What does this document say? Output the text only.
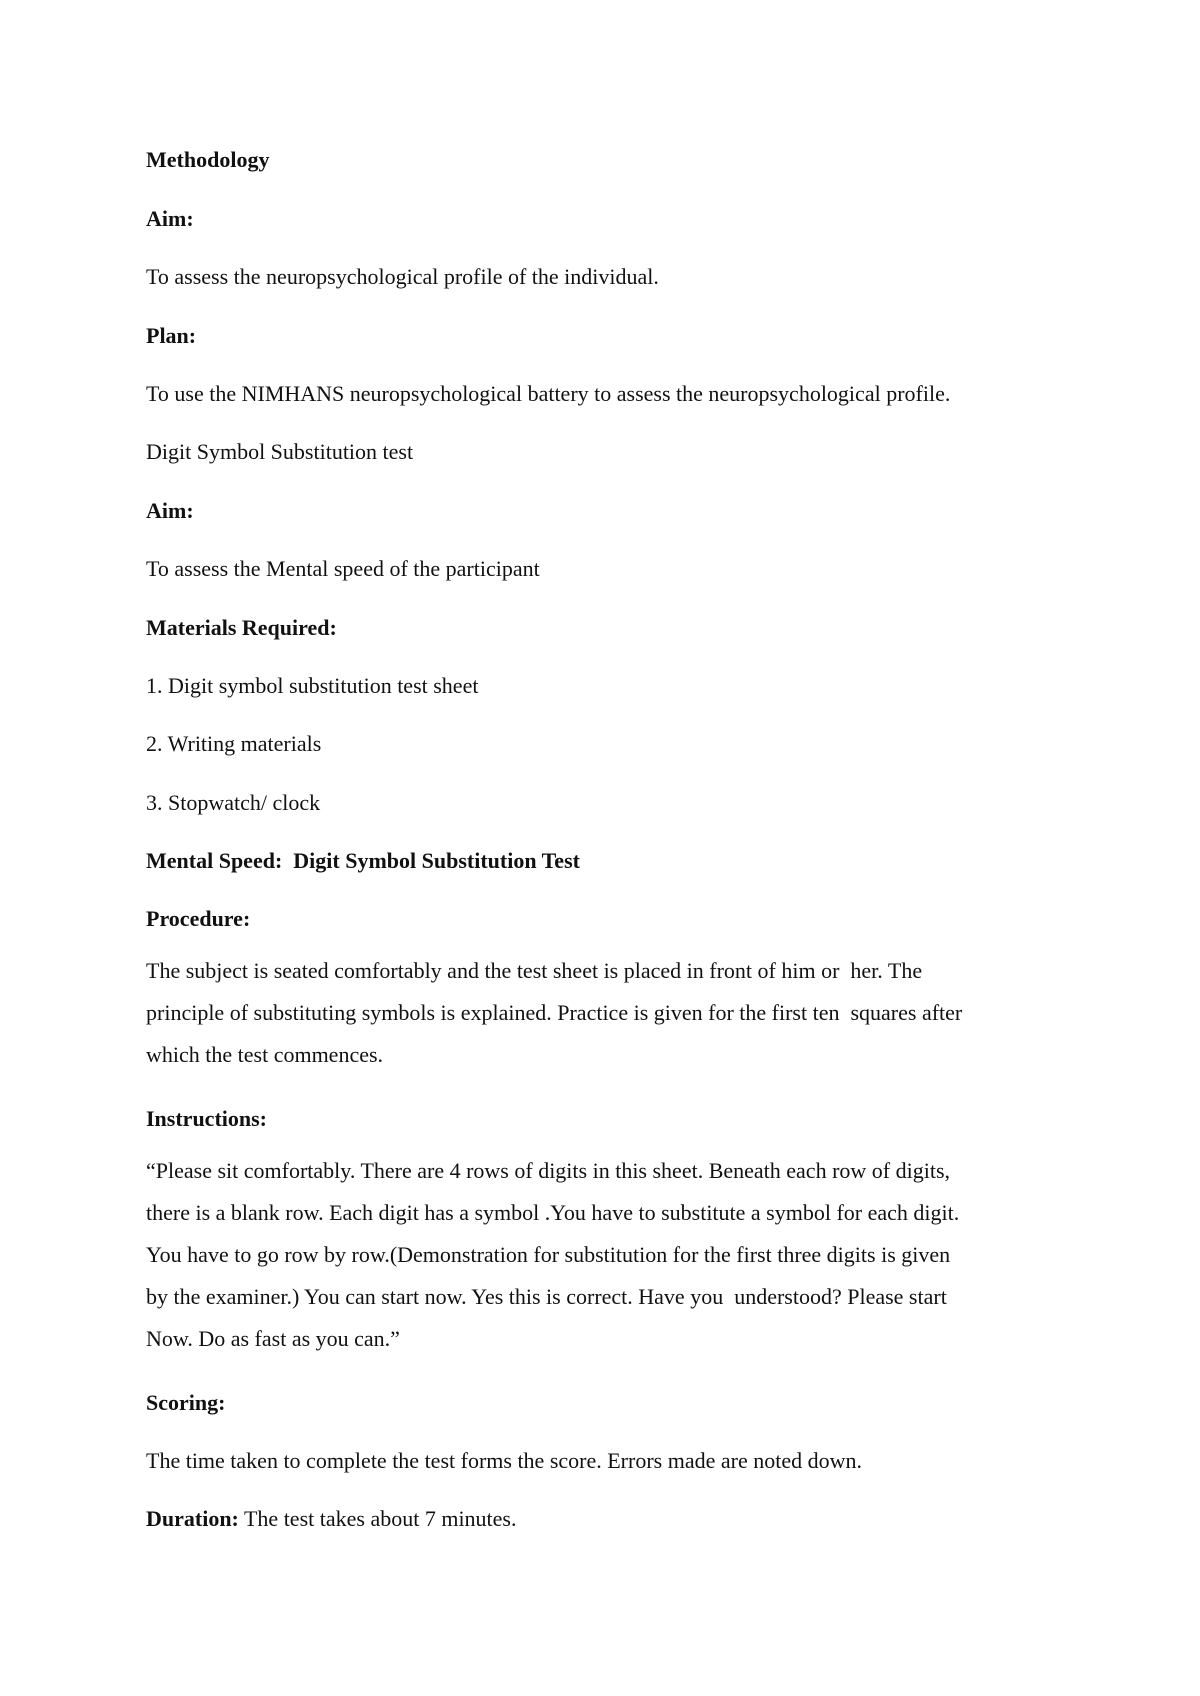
Methodology
Aim:
To assess the neuropsychological profile of the individual.
Plan:
To use the NIMHANS neuropsychological battery to assess the neuropsychological profile.
Digit Symbol Substitution test
Aim:
To assess the Mental speed of the participant
Materials Required:
1. Digit symbol substitution test sheet
2. Writing materials
3. Stopwatch/ clock
Mental Speed:  Digit Symbol Substitution Test
Procedure:
The subject is seated comfortably and the test sheet is placed in front of him or  her. The
principle of substituting symbols is explained. Practice is given for the first ten  squares after
which the test commences.
Instructions:
“Please sit comfortably. There are 4 rows of digits in this sheet. Beneath each row of digits,
there is a blank row. Each digit has a symbol .You have to substitute a symbol for each digit.
You have to go row by row.(Demonstration for substitution for the first three digits is given
by the examiner.) You can start now. Yes this is correct. Have you  understood? Please start
Now. Do as fast as you can.”
Scoring:
The time taken to complete the test forms the score. Errors made are noted down.
Duration: The test takes about 7 minutes.
